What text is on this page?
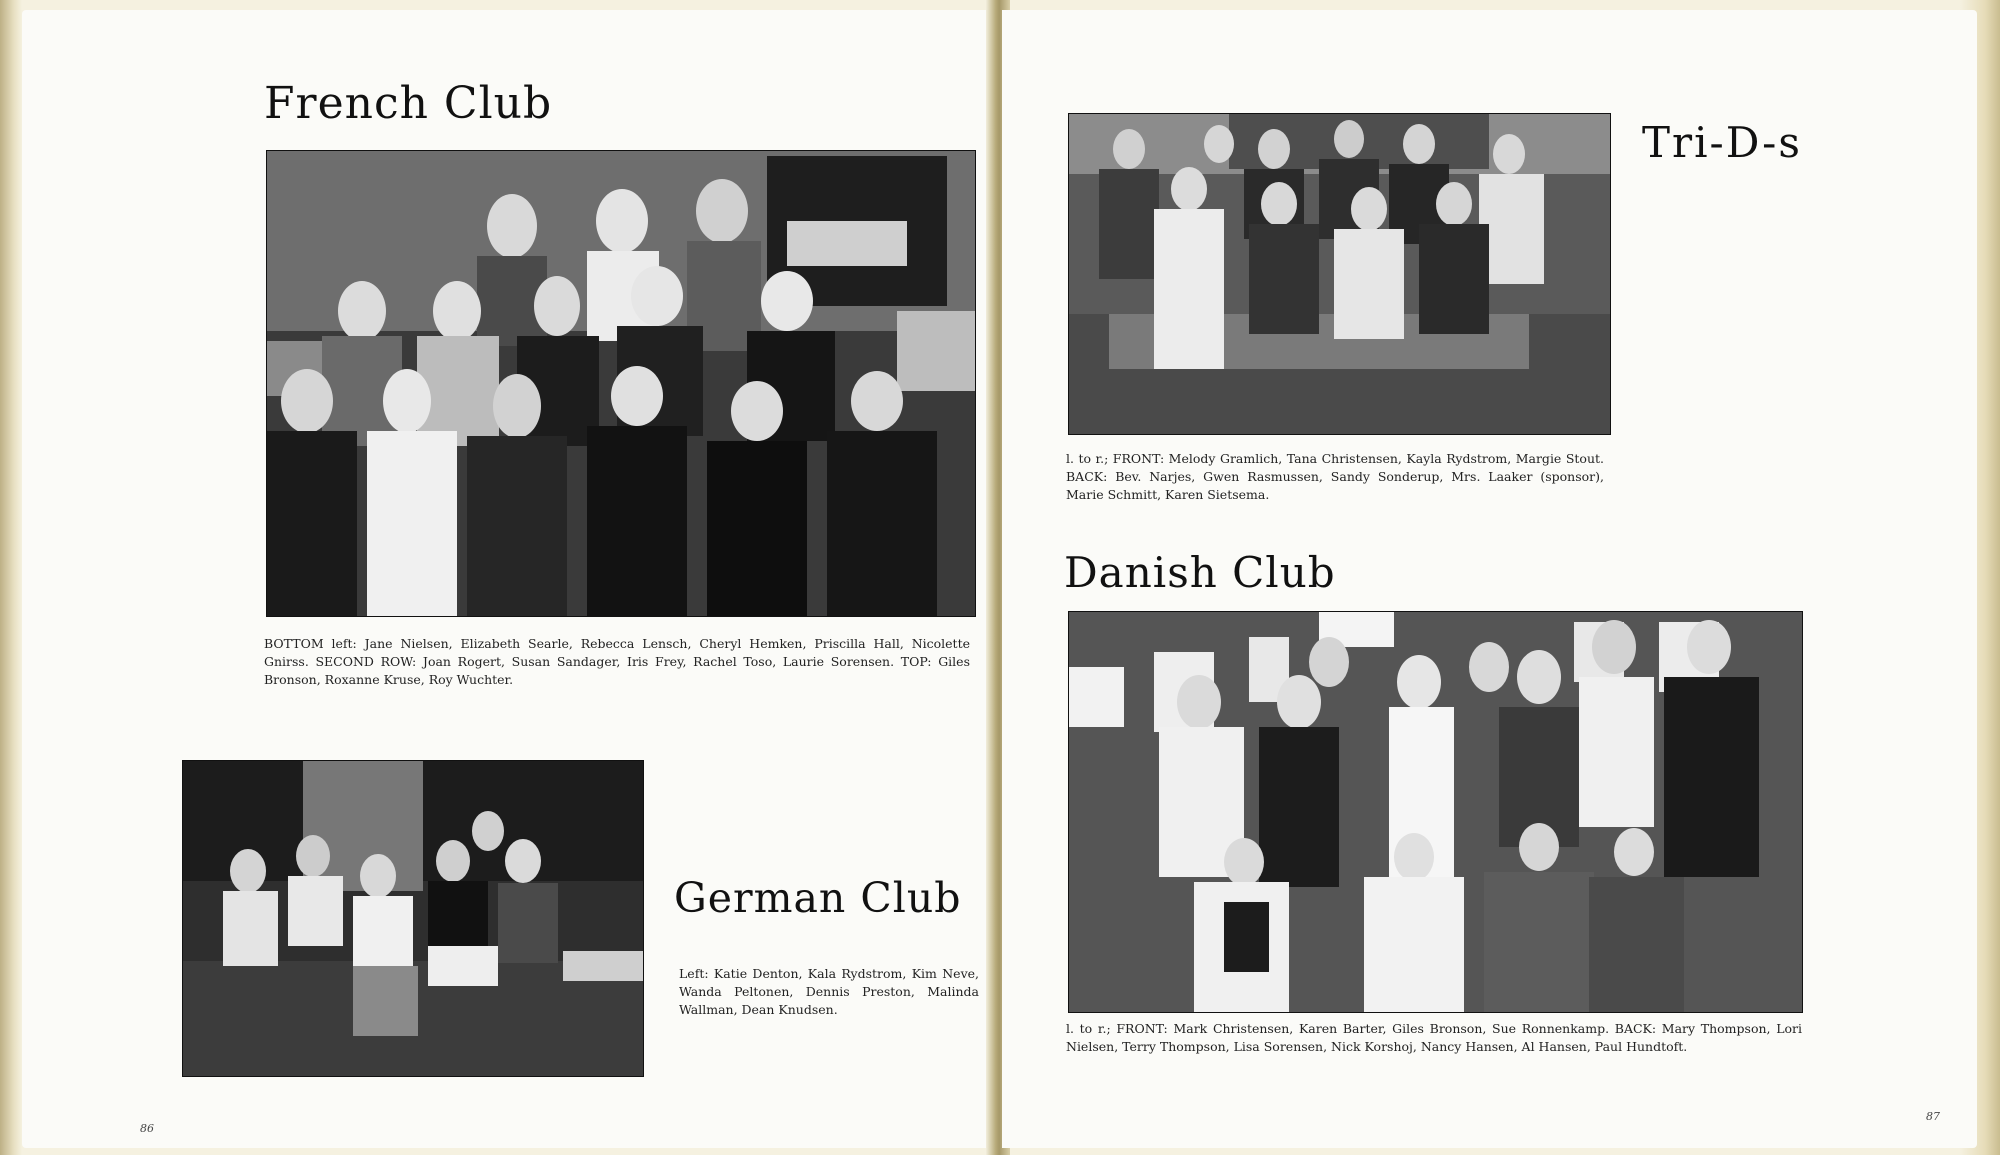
French Club

BOTTOM left: Jane Nielsen, Elizabeth Searle, Rebecca Lensch, Cheryl Hemken, Priscilla Hall, Nicolette Gnirss. SECOND ROW: Joan Rogert, Susan Sandager, Iris Frey, Rachel Toso, Laurie Sorensen. TOP: Giles Bronson, Roxanne Kruse, Roy Wuchter.

German Club

Left: Katie Denton, Kala Rydstrom, Kim Neve, Wanda Peltonen, Dennis Preston, Malinda Wallman, Dean Knudsen.

86
Tri-D-s

l. to r.; FRONT: Melody Gramlich, Tana Christensen, Kayla Rydstrom, Margie Stout. BACK: Bev. Narjes, Gwen Rasmussen, Sandy Sonderup, Mrs. Laaker (sponsor), Marie Schmitt, Karen Sietsema.

Danish Club

l. to r.; FRONT: Mark Christensen, Karen Barter, Giles Bronson, Sue Ronnenkamp. BACK: Mary Thompson, Lori Nielsen, Terry Thompson, Lisa Sorensen, Nick Korshoj, Nancy Hansen, Al Hansen, Paul Hundtoft.

87
